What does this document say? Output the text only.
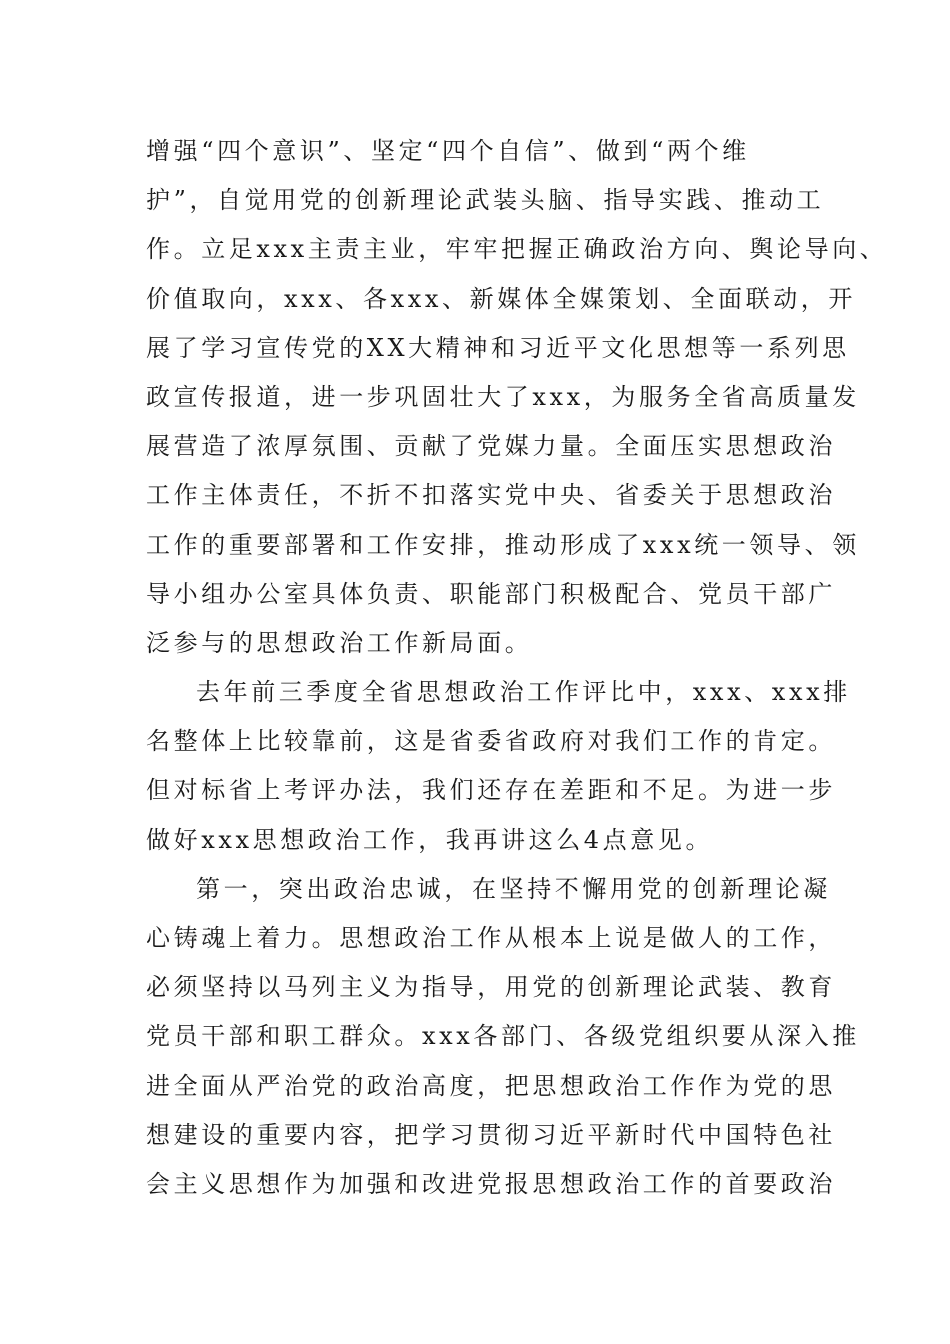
增强“四个意识”、坚定“四个自信”、做到“两个维
护”，自觉用党的创新理论武装头脑、指导实践、推动工
作。立足xxx主责主业，牢牢把握正确政治方向、舆论导向、
价值取向，xxx、各xxx、新媒体全媒策划、全面联动，开
展了学习宣传党的XX大精神和习近平文化思想等一系列思
政宣传报道，进一步巩固壮大了xxx，为服务全省高质量发
展营造了浓厚氛围、贡献了党媒力量。全面压实思想政治
工作主体责任，不折不扣落实党中央、省委关于思想政治
工作的重要部署和工作安排，推动形成了xxx统一领导、领
导小组办公室具体负责、职能部门积极配合、党员干部广
泛参与的思想政治工作新局面。
去年前三季度全省思想政治工作评比中，xxx、xxx排
名整体上比较靠前，这是省委省政府对我们工作的肯定。
但对标省上考评办法，我们还存在差距和不足。为进一步
做好xxx思想政治工作，我再讲这么4点意见。
第一，突出政治忠诚，在坚持不懈用党的创新理论凝
心铸魂上着力。思想政治工作从根本上说是做人的工作，
必须坚持以马列主义为指导，用党的创新理论武装、教育
党员干部和职工群众。xxx各部门、各级党组织要从深入推
进全面从严治党的政治高度，把思想政治工作作为党的思
想建设的重要内容，把学习贯彻习近平新时代中国特色社
会主义思想作为加强和改进党报思想政治工作的首要政治
